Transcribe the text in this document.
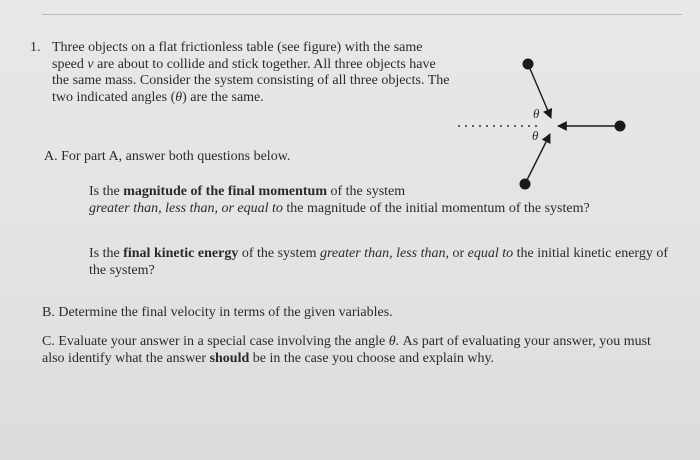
1. Three objects on a flat frictionless table (see figure) with the same speed v are about to collide and stick together. All three objects have the same mass. Consider the system consisting of all three objects. The two indicated angles (θ) are the same.
θ
θ
A. For part A, answer both questions below.
Is the magnitude of the final momentum of the system
greater than, less than, or equal to the magnitude of the initial momentum of the system?
Is the final kinetic energy of the system greater than, less than, or equal to the initial kinetic energy of the system?
B. Determine the final velocity in terms of the given variables.
C. Evaluate your answer in a special case involving the angle θ. As part of evaluating your answer, you must also identify what the answer should be in the case you choose and explain why.
